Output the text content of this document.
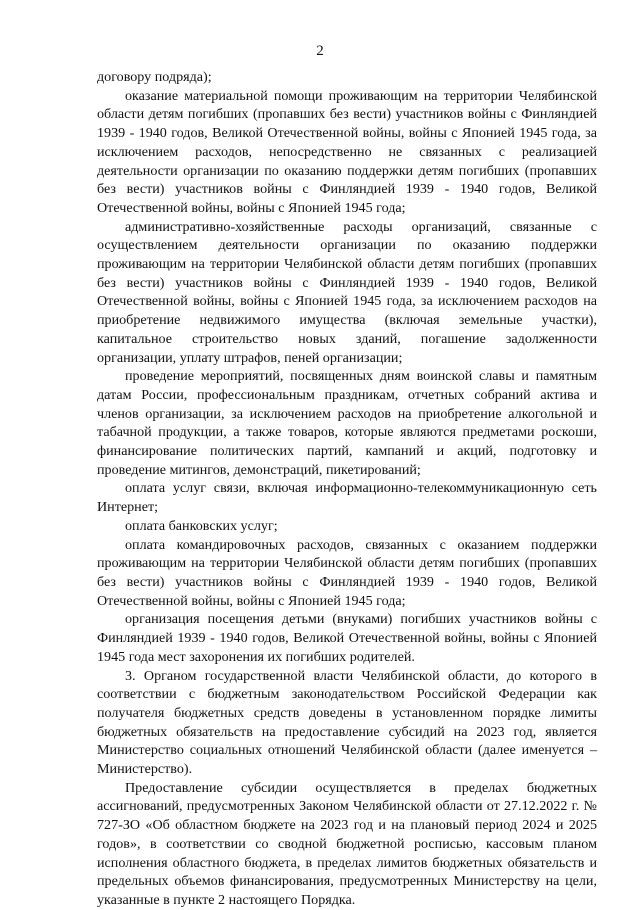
2

договору подряда);

оказание материальной помощи проживающим на территории Челябинской области детям погибших (пропавших без вести) участников войны с Финляндией 1939 - 1940 годов, Великой Отечественной войны, войны с Японией 1945 года, за исключением расходов, непосредственно не связанных с реализацией деятельности организации по оказанию поддержки детям погибших (пропавших без вести) участников войны с Финляндией 1939 - 1940 годов, Великой Отечественной войны, войны с Японией 1945 года;

административно-хозяйственные расходы организаций, связанные с осуществлением деятельности организации по оказанию поддержки проживающим на территории Челябинской области детям погибших (пропавших без вести) участников войны с Финляндией 1939 - 1940 годов, Великой Отечественной войны, войны с Японией 1945 года, за исключением расходов на приобретение недвижимого имущества (включая земельные участки), капитальное строительство новых зданий, погашение задолженности организации, уплату штрафов, пеней организации;

проведение мероприятий, посвященных дням воинской славы и памятным датам России, профессиональным праздникам, отчетных собраний актива и членов организации, за исключением расходов на приобретение алкогольной и табачной продукции, а также товаров, которые являются предметами роскоши, финансирование политических партий, кампаний и акций, подготовку и проведение митингов, демонстраций, пикетирований;

оплата услуг связи, включая информационно-телекоммуникационную сеть Интернет;

оплата банковских услуг;

оплата командировочных расходов, связанных с оказанием поддержки проживающим на территории Челябинской области детям погибших (пропавших без вести) участников войны с Финляндией 1939 - 1940 годов, Великой Отечественной войны, войны с Японией 1945 года;

организация посещения детьми (внуками) погибших участников войны с Финляндией 1939 - 1940 годов, Великой Отечественной войны, войны с Японией 1945 года мест захоронения их погибших родителей.

3. Органом государственной власти Челябинской области, до которого в соответствии с бюджетным законодательством Российской Федерации как получателя бюджетных средств доведены в установленном порядке лимиты бюджетных обязательств на предоставление субсидий на 2023 год, является Министерство социальных отношений Челябинской области (далее именуется – Министерство).

Предоставление субсидии осуществляется в пределах бюджетных ассигнований, предусмотренных Законом Челябинской области от 27.12.2022 г. № 727-ЗО «Об областном бюджете на 2023 год и на плановый период 2024 и 2025 годов», в соответствии со сводной бюджетной росписью, кассовым планом исполнения областного бюджета, в пределах лимитов бюджетных обязательств и предельных объемов финансирования, предусмотренных Министерству на цели, указанные в пункте 2 настоящего Порядка.
